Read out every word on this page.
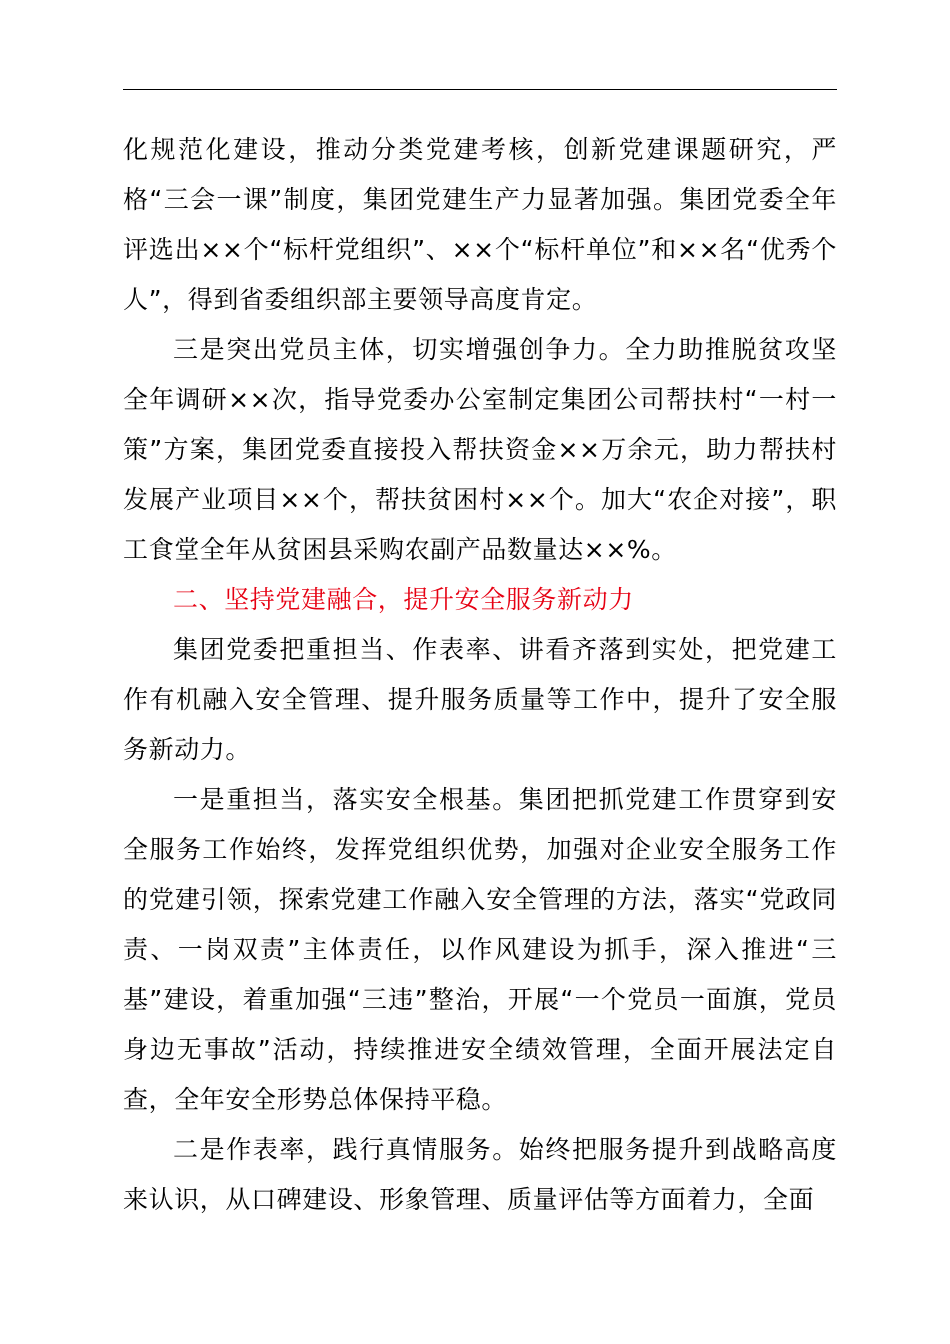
化规范化建设，推动分类党建考核，创新党建课题研究，严格“三会一课”制度，集团党建生产力显著加强。集团党委全年评选出××个“标杆党组织”、××个“标杆单位”和××名“优秀个人”，得到省委组织部主要领导高度肯定。

三是突出党员主体，切实增强创争力。全力助推脱贫攻坚全年调研××次，指导党委办公室制定集团公司帮扶村“一村一策”方案，集团党委直接投入帮扶资金××万余元，助力帮扶村发展产业项目××个，帮扶贫困村××个。加大“农企对接”，职工食堂全年从贫困县采购农副产品数量达××%。

二、坚持党建融合，提升安全服务新动力

集团党委把重担当、作表率、讲看齐落到实处，把党建工作有机融入安全管理、提升服务质量等工作中，提升了安全服务新动力。

一是重担当，落实安全根基。集团把抓党建工作贯穿到安全服务工作始终，发挥党组织优势，加强对企业安全服务工作的党建引领，探索党建工作融入安全管理的方法，落实“党政同责、一岗双责”主体责任，以作风建设为抓手，深入推进“三基”建设，着重加强“三违”整治，开展“一个党员一面旗，党员身边无事故”活动，持续推进安全绩效管理，全面开展法定自查，全年安全形势总体保持平稳。

二是作表率，践行真情服务。始终把服务提升到战略高度来认识，从口碑建设、形象管理、质量评估等方面着力，全面
